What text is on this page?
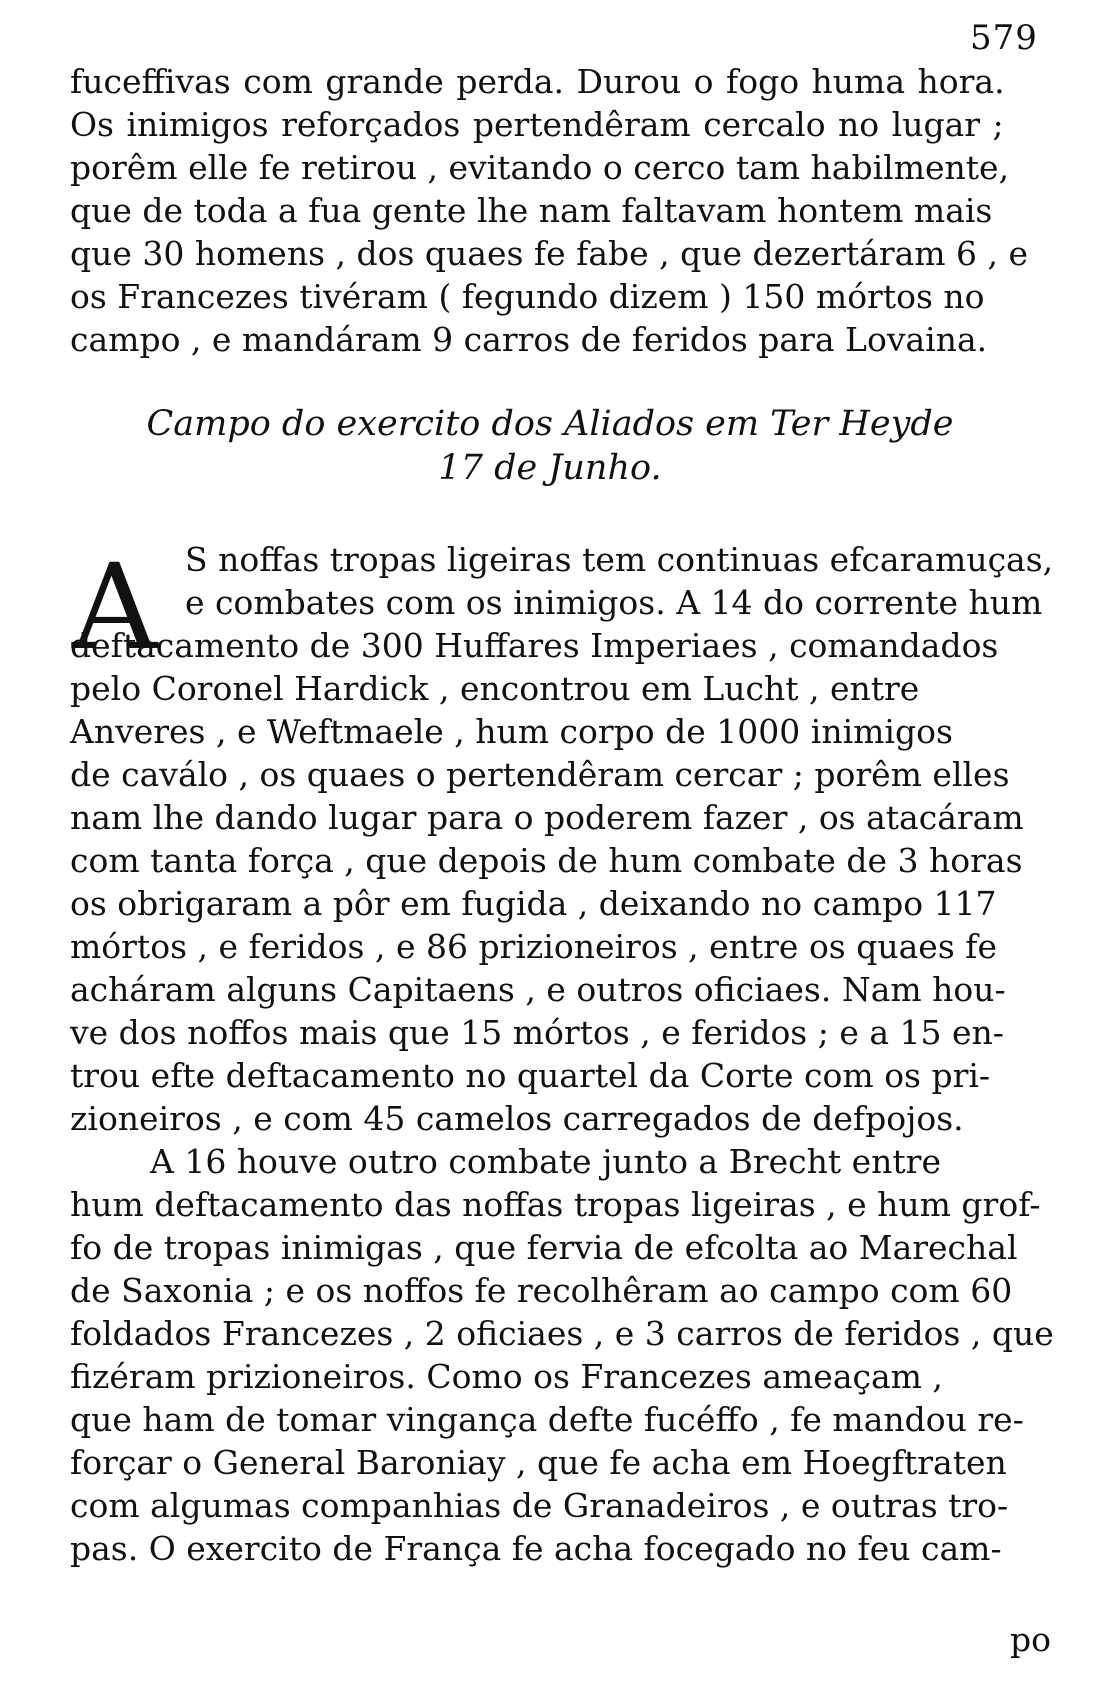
579
fuceffivas com grande perda. Durou o fogo huma hora.
Os inimigos reforçados pertendêram cercalo no lugar ;
porêm elle fe retirou , evitando o cerco tam habilmente,
que de toda a fua gente lhe nam faltavam hontem mais
que 30 homens , dos quaes fe fabe , que dezertáram 6 , e
os Francezes tivéram ( fegundo dizem ) 150 mórtos no
campo , e mandáram 9 carros de feridos para Lovaina.
Campo do exercito dos Aliados em Ter Heyde
17 de Junho.
A S noffas tropas ligeiras tem continuas efcaramuças,
e combates com os inimigos. A 14 do corrente hum
deftacamento de 300 Huffares Imperiaes , comandados
pelo Coronel Hardick , encontrou em Lucht , entre
Anveres , e Weftmaele , hum corpo de 1000 inimigos
de caválo , os quaes o pertendêram cercar ; porêm elles
nam lhe dando lugar para o poderem fazer , os atacáram
com tanta força , que depois de hum combate de 3 horas
os obrigaram a pôr em fugida , deixando no campo 117
mórtos , e feridos , e 86 prizioneiros , entre os quaes fe
acháram alguns Capitaens , e outros oficiaes. Nam hou-
ve dos noffos mais que 15 mórtos , e feridos ; e a 15 en-
trou efte deftacamento no quartel da Corte com os pri-
zioneiros , e com 45 camelos carregados de defpojos.
A 16 houve outro combate junto a Brecht entre
hum deftacamento das noffas tropas ligeiras , e hum grof-
fo de tropas inimigas , que fervia de efcolta ao Marechal
de Saxonia ; e os noffos fe recolhêram ao campo com 60
foldados Francezes , 2 oficiaes , e 3 carros de feridos , que
fizéram prizioneiros. Como os Francezes ameaçam ,
que ham de tomar vingança defte fucéffo , fe mandou re-
forçar o General Baroniay , que fe acha em Hoegftraten
com algumas companhias de Granadeiros , e outras tro-
pas. O exercito de França fe acha focegado no feu cam-
po
